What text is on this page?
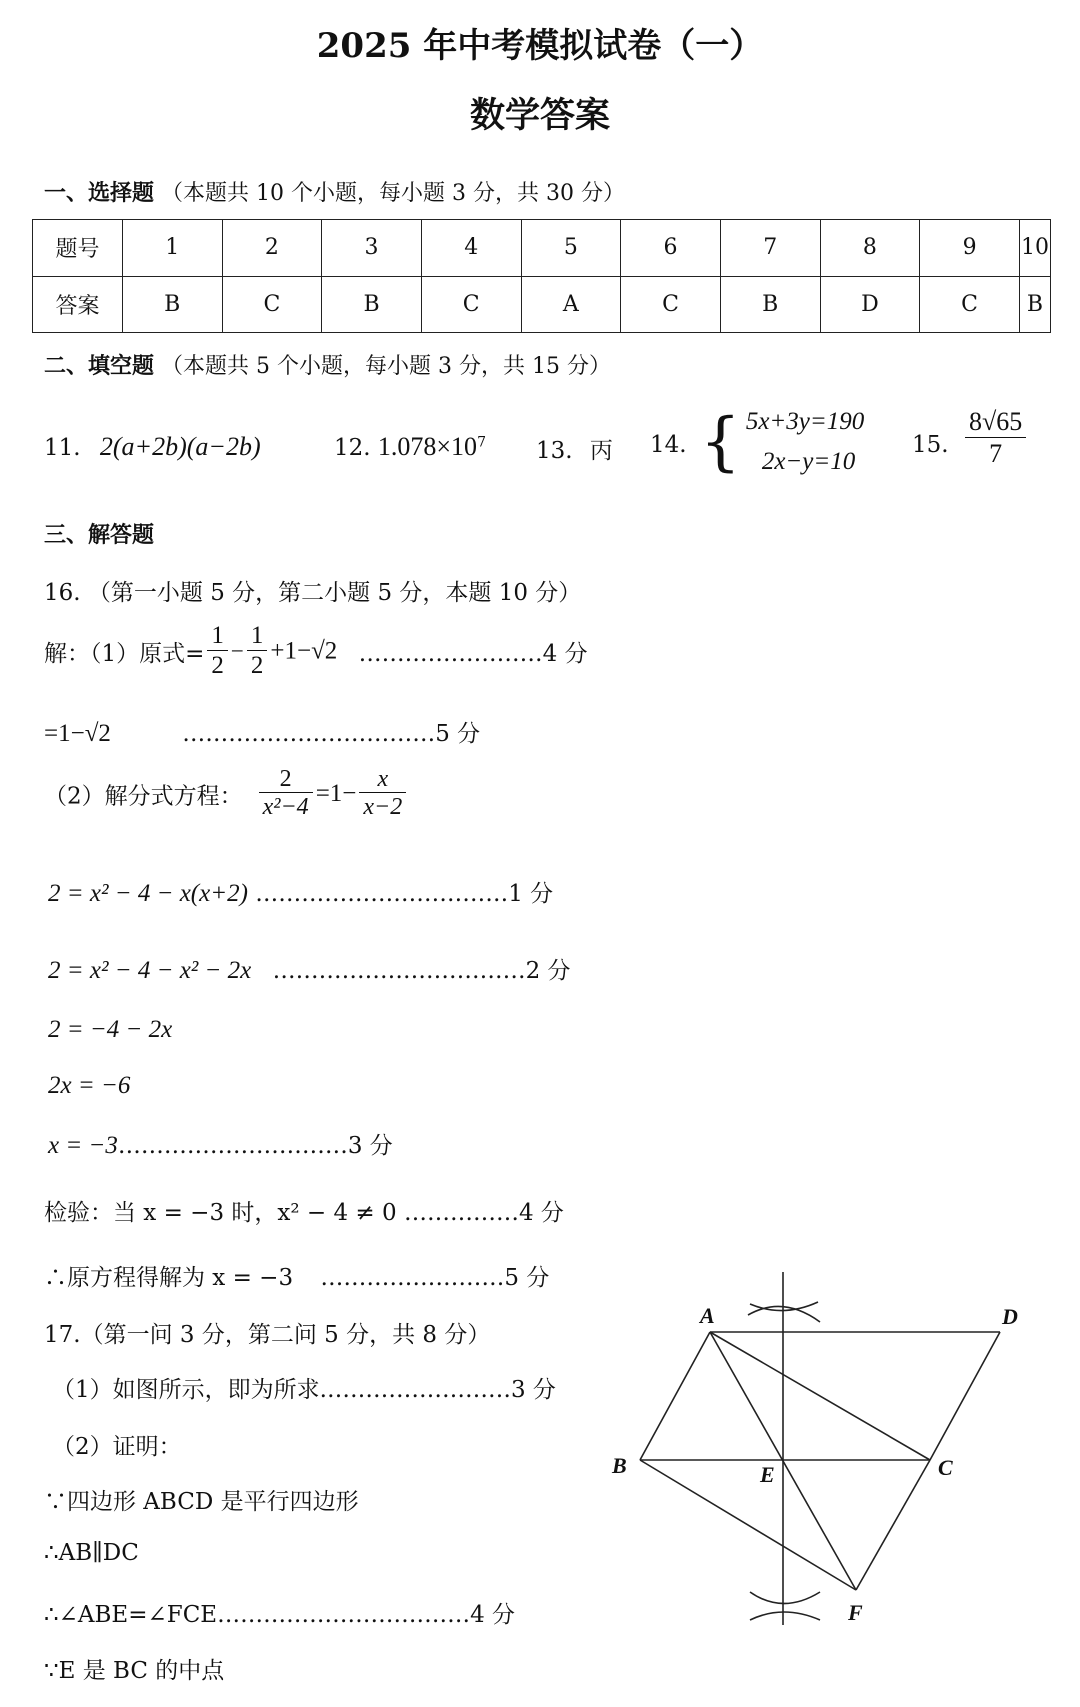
2025 年中考模拟试卷（一）
数学答案
一、选择题 （本题共 10 个小题，每小题 3 分，共 30 分）
题号	1	2	3	4	5	6	7	8	9	10
答案	B	C	B	C	A	C	B	D	C	B
二、填空题 （本题共 5 个小题，每小题 3 分，共 15 分）
11. 2(a+2b)(a−2b)	12. $1.078\times 10^7$ 13. 丙 14. { 5x+3y=190
2x−y=10
15. $\frac{8√65}{7}$
三、解答题
16. （第一小题 5 分，第二小题 5 分，本题 10 分）
解：（1）原式= $\frac{1}{2} - \frac{1}{2} +1-√2$ ……………………4 分
=1−√2	……………………………5 分
（2）解分式方程： $\frac{2}{\text{x²−4}} =1- \frac{x}{x-2}$
2 = x² − 4 − x(x+2) ……………………………1 分
2 = x² − 4 − x² − 2x ……………………………2 分
2 = −4 − 2x
2x = −6
x = −3…………………………3 分
检验：当 x = −3 时，x² − 4 ≠ 0 ……………4 分
∴原方程得解为 x = −3 ……………………5 分
17.（第一问 3 分，第二问 5 分，共 8 分）
（1）如图所示，即为所求.……………………3 分
（2）证明：
∵四边形 ABCD 是平行四边形
∴AB∥DC
∴∠ABE=∠FCE……………………………4 分
∵E 是 BC 的中点
A	D
B	E	C
F
